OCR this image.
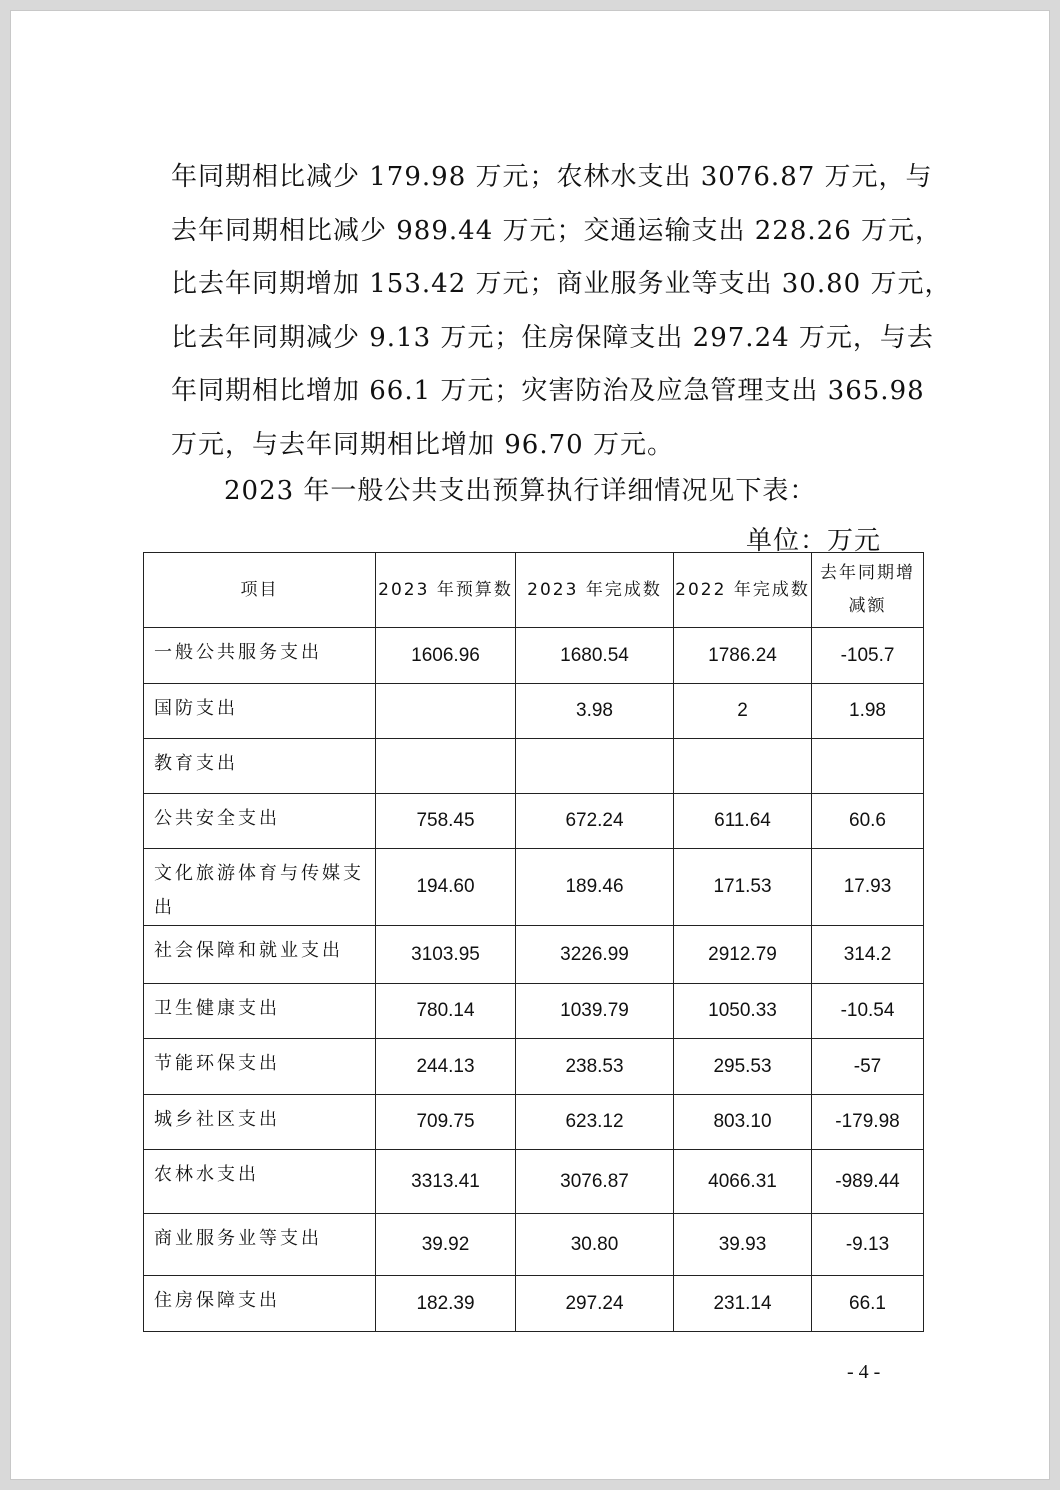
年同期相比减少 179.98 万元；农林水支出 3076.87 万元，与
去年同期相比减少 989.44 万元；交通运输支出 228.26 万元，
比去年同期增加 153.42 万元；商业服务业等支出 30.80 万元，
比去年同期减少 9.13 万元；住房保障支出 297.24 万元，与去
年同期相比增加 66.1 万元；灾害防治及应急管理支出 365.98
万元，与去年同期相比增加 96.70 万元。
2023 年一般公共支出预算执行详细情况见下表：
单位：万元
项目	2023 年预算数	2023 年完成数	2022 年完成数	去年同期增减额
一般公共服务支出	1606.96	1680.54	1786.24	-105.7
国防支出		3.98	2	1.98
教育支出				
公共安全支出	758.45	672.24	611.64	60.6
文化旅游体育与传媒支出	194.60	189.46	171.53	17.93
社会保障和就业支出	3103.95	3226.99	2912.79	314.2
卫生健康支出	780.14	1039.79	1050.33	-10.54
节能环保支出	244.13	238.53	295.53	-57
城乡社区支出	709.75	623.12	803.10	-179.98
农林水支出	3313.41	3076.87	4066.31	-989.44
商业服务业等支出	39.92	30.80	39.93	-9.13
住房保障支出	182.39	297.24	231.14	66.1
- 4 -
